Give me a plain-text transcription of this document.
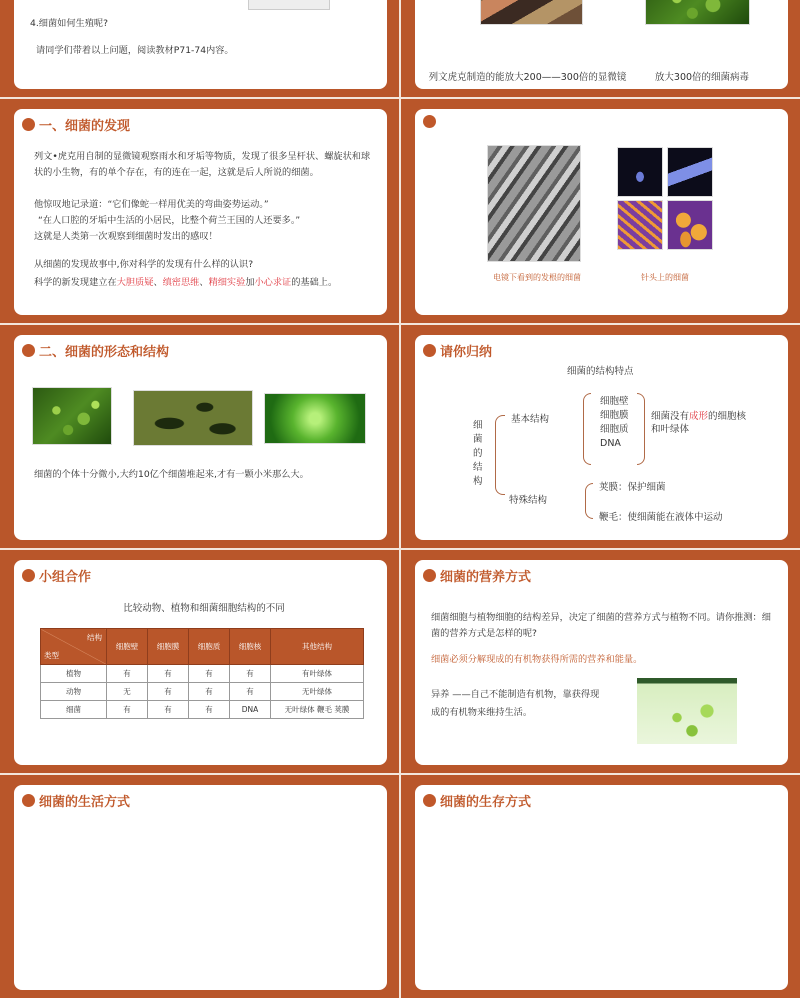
4.细菌如何生殖呢?
请同学们带着以上问题，阅读教材P71-74内容。
列文虎克制造的能放大200——300倍的显微镜	放大300倍的细菌病毒
一、细菌的发现
列文•虎克用自制的显微镜观察雨水和牙垢等物质，发现了很多呈杆状、螺旋状和球状的小生物，有的单个存在，有的连在一起，这就是后人所说的细菌。
他惊叹地记录道：“它们像蛇一样用优美的弯曲姿势运动。”
“在人口腔的牙垢中生活的小居民，比整个荷兰王国的人还要多。”
这就是人类第一次观察到细菌时发出的感叹！
从细菌的发现故事中,你对科学的发现有什么样的认识?
科学的新发现建立在大胆质疑、缜密思维、精细实验加小心求证的基础上。	电镜下看到的发根的细菌	针头上的细菌
二、细菌的形态和结构
细菌的个体十分微小,大约10亿个细菌堆起来,才有一颗小米那么大。
请你归纳
细菌的结构特点
细
菌
的
结
构
基本结构
细胞壁
细胞膜
细胞质
DNA
细菌没有成形的细胞核和叶绿体
特殊结构
荚膜：保护细菌
鞭毛：使细菌能在液体中运动
小组合作
比较动物、植物和细菌细胞结构的不同
结构
类型	细胞壁	细胞膜	细胞质	细胞核	其他结构
植物	有	有	有	有	有叶绿体
动物	无	有	有	有	无叶绿体
细菌	有	有	有	DNA	无叶绿体 鞭毛 荚膜
细菌的营养方式
细菌细胞与植物细胞的结构差异，决定了细菌的营养方式与植物不同。请你推测：细菌的营养方式是怎样的呢?
细菌必须分解现成的有机物获得所需的营养和能量。
异养 ——自己不能制造有机物，靠获得现成的有机物来维持生活。
细菌的生活方式	细菌的生存方式
